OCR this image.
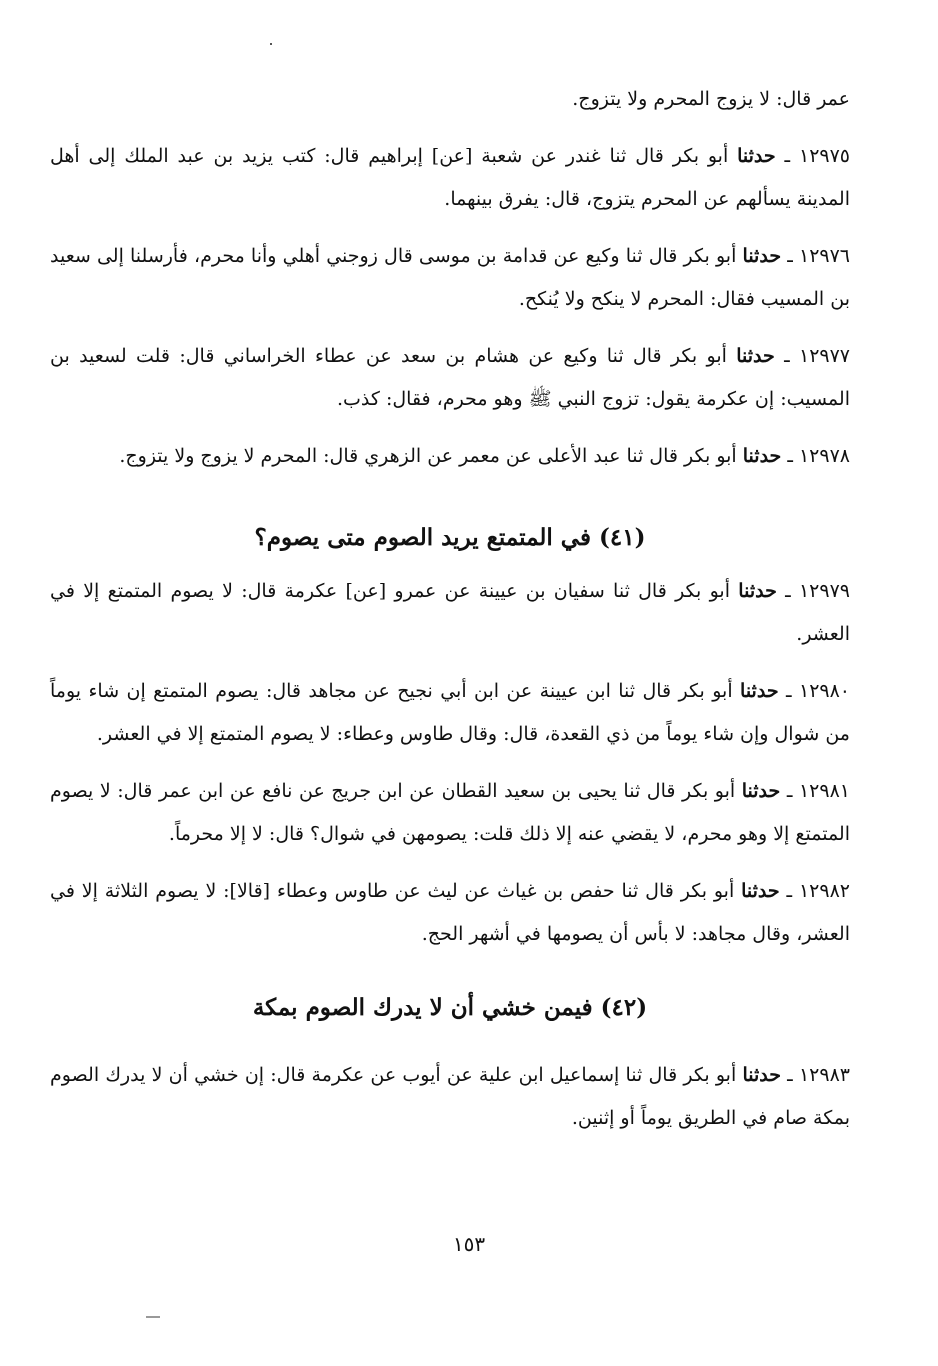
عمر قال: لا يزوج المحرم ولا يتزوج.

١٢٩٧٥ ـ حدثنا أبو بكر قال ثنا غندر عن شعبة [عن] إبراهيم قال: كتب يزيد بن عبد الملك إلى أهل المدينة يسألهم عن المحرم يتزوج، قال: يفرق بينهما.

١٢٩٧٦ ـ حدثنا أبو بكر قال ثنا وكيع عن قدامة بن موسى قال زوجني أهلي وأنا محرم، فأرسلنا إلى سعيد بن المسيب فقال: المحرم لا ينكح ولا يُنكح.

١٢٩٧٧ ـ حدثنا أبو بكر قال ثنا وكيع عن هشام بن سعد عن عطاء الخراساني قال: قلت لسعيد بن المسيب: إن عكرمة يقول: تزوج النبي ﷺ وهو محرم، فقال: كذب.

١٢٩٧٨ ـ حدثنا أبو بكر قال ثنا عبد الأعلى عن معمر عن الزهري قال: المحرم لا يزوج ولا يتزوج.

(٤١) في المتمتع يريد الصوم متى يصوم؟

١٢٩٧٩ ـ حدثنا أبو بكر قال ثنا سفيان بن عيينة عن عمرو [عن] عكرمة قال: لا يصوم المتمتع إلا في العشر.

١٢٩٨٠ ـ حدثنا أبو بكر قال ثنا ابن عيينة عن ابن أبي نجيح عن مجاهد قال: يصوم المتمتع إن شاء يوماً من شوال وإن شاء يوماً من ذي القعدة، قال: وقال طاوس وعطاء: لا يصوم المتمتع إلا في العشر.

١٢٩٨١ ـ حدثنا أبو بكر قال ثنا يحيى بن سعيد القطان عن ابن جريج عن نافع عن ابن عمر قال: لا يصوم المتمتع إلا وهو محرم، لا يقضي عنه إلا ذلك قلت: يصومهن في شوال؟ قال: لا إلا محرماً.

١٢٩٨٢ ـ حدثنا أبو بكر قال ثنا حفص بن غياث عن ليث عن طاوس وعطاء [قالا]: لا يصوم الثلاثة إلا في العشر، وقال مجاهد: لا بأس أن يصومها في أشهر الحج.

(٤٢) فيمن خشي أن لا يدرك الصوم بمكة

١٢٩٨٣ ـ حدثنا أبو بكر قال ثنا إسماعيل ابن علية عن أيوب عن عكرمة قال: إن خشي أن لا يدرك الصوم بمكة صام في الطريق يوماً أو إثنين.

١٥٣
